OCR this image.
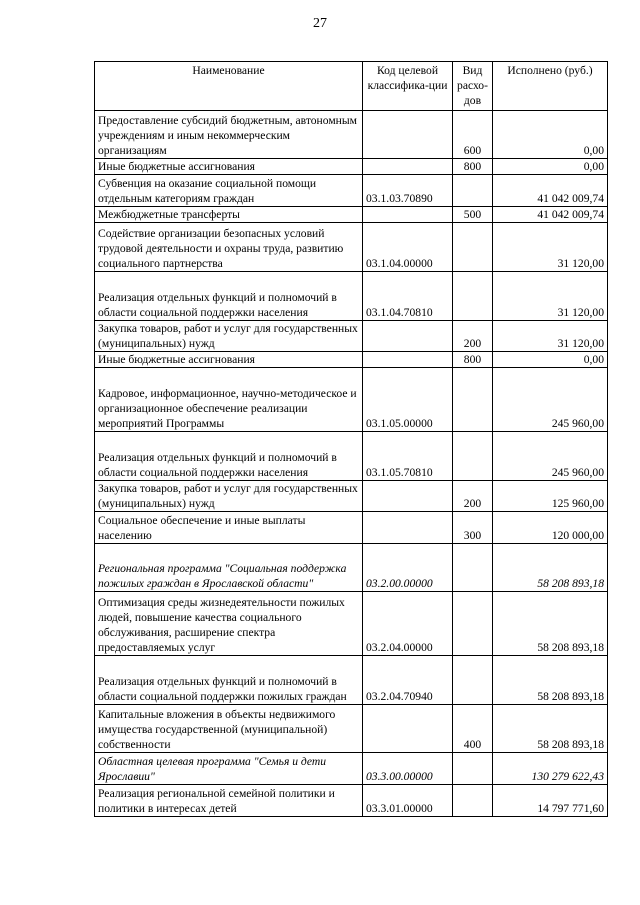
27
Наименование	Код целевой классифика-ции	Вид расхо-дов	Исполнено (руб.)
Предоставление субсидий бюджетным, автономным учреждениям и иным некоммерческим организациям		600	0,00
Иные бюджетные ассигнования		800	0,00
Субвенция на оказание социальной помощи отдельным категориям граждан	03.1.03.70890		41 042 009,74
Межбюджетные трансферты		500	41 042 009,74
Содействие организации безопасных условий трудовой деятельности и охраны труда, развитию социального партнерства	03.1.04.00000		31 120,00
Реализация отдельных функций и полномочий в области социальной поддержки населения	03.1.04.70810		31 120,00
Закупка товаров, работ и услуг для государственных (муниципальных) нужд		200	31 120,00
Иные бюджетные ассигнования		800	0,00
Кадровое, информационное, научно-методическое и организационное обеспечение реализации мероприятий Программы	03.1.05.00000		245 960,00
Реализация отдельных функций и полномочий в области социальной поддержки населения	03.1.05.70810		245 960,00
Закупка товаров, работ и услуг для государственных (муниципальных) нужд		200	125 960,00
Социальное обеспечение и иные выплаты населению		300	120 000,00
Региональная программа "Социальная поддержка пожилых граждан в Ярославской области"	03.2.00.00000		58 208 893,18
Оптимизация среды жизнедеятельности пожилых людей, повышение качества социального обслуживания, расширение спектра предоставляемых услуг	03.2.04.00000		58 208 893,18
Реализация отдельных функций и полномочий в области социальной поддержки пожилых граждан	03.2.04.70940		58 208 893,18
Капитальные вложения в объекты недвижимого имущества государственной (муниципальной) собственности		400	58 208 893,18
Областная целевая программа "Семья и дети Ярославии"	03.3.00.00000		130 279 622,43
Реализация региональной семейной политики и политики в интересах детей	03.3.01.00000		14 797 771,60
